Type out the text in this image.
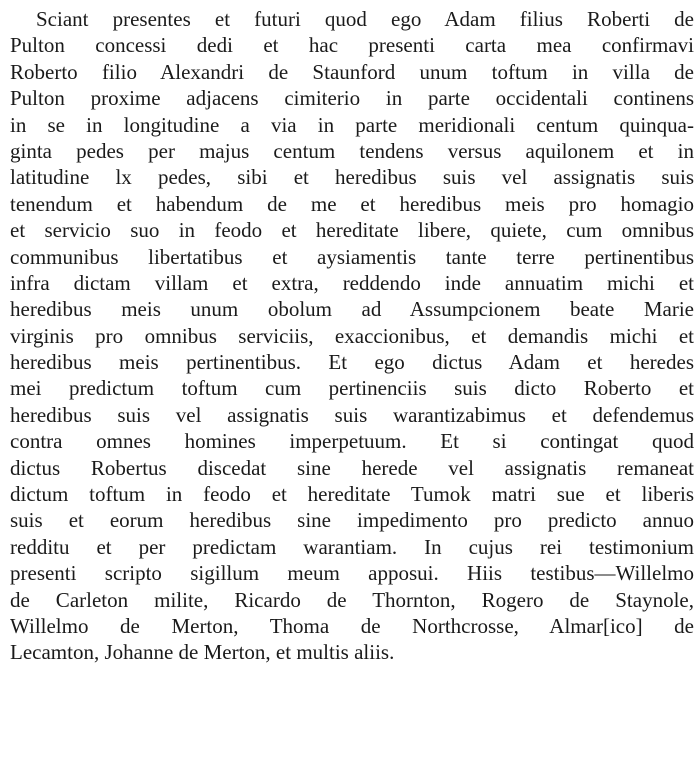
Sciant presentes et futuri quod ego Adam filius Roberti de
Pulton concessi dedi et hac presenti carta mea confirmavi
Roberto filio Alexandri de Staunford unum toftum in villa de
Pulton proxime adjacens cimiterio in parte occidentali continens
in se in longitudine a via in parte meridionali centum quinqua-
ginta pedes per majus centum tendens versus aquilonem et in
latitudine lx pedes, sibi et heredibus suis vel assignatis suis
tenendum et habendum de me et heredibus meis pro homagio
et servicio suo in feodo et hereditate libere, quiete, cum omnibus
communibus libertatibus et aysiamentis tante terre pertinentibus
infra dictam villam et extra, reddendo inde annuatim michi et
heredibus meis unum obolum ad Assumpcionem beate Marie
virginis pro omnibus serviciis, exaccionibus, et demandis michi et
heredibus meis pertinentibus. Et ego dictus Adam et heredes
mei predictum toftum cum pertinenciis suis dicto Roberto et
heredibus suis vel assignatis suis warantizabimus et defendemus
contra omnes homines imperpetuum. Et si contingat quod
dictus Robertus discedat sine herede vel assignatis remaneat
dictum toftum in feodo et hereditate Tumok matri sue et liberis
suis et eorum heredibus sine impedimento pro predicto annuo
redditu et per predictam warantiam. In cujus rei testimonium
presenti scripto sigillum meum apposui. Hiis testibus—Willelmo
de Carleton milite, Ricardo de Thornton, Rogero de Staynole,
Willelmo de Merton, Thoma de Northcrosse, Almar[ico] de
Lecamton, Johanne de Merton, et multis aliis.
